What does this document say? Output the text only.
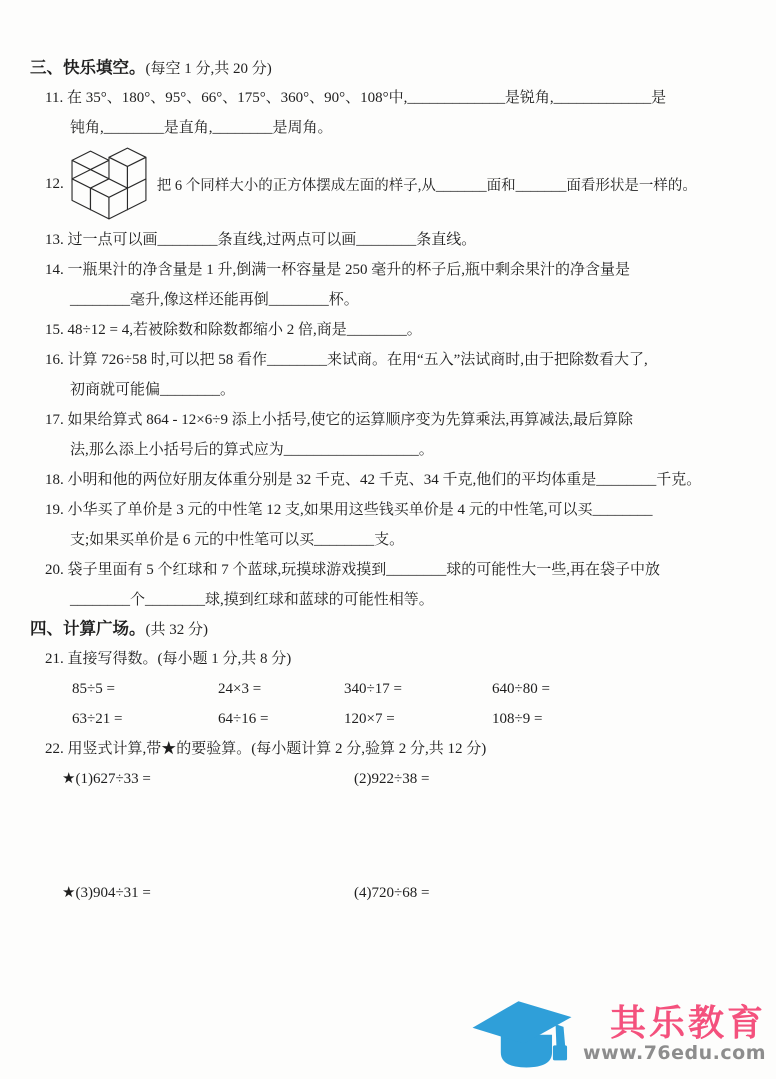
三、快乐填空。(每空 1 分,共 20 分)
11. 在 35°、180°、95°、66°、175°、360°、90°、108°中,_____________是锐角,_____________是
钝角,________是直角,________是周角。
12.	把 6 个同样大小的正方体摆成左面的样子,从_______面和_______面看形状是一样的。
13. 过一点可以画________条直线,过两点可以画________条直线。
14. 一瓶果汁的净含量是 1 升,倒满一杯容量是 250 毫升的杯子后,瓶中剩余果汁的净含量是
________毫升,像这样还能再倒________杯。
15. 48÷12 = 4,若被除数和除数都缩小 2 倍,商是________。
16. 计算 726÷58 时,可以把 58 看作________来试商。在用“五入”法试商时,由于把除数看大了,
初商就可能偏________。
17. 如果给算式 864 - 12×6÷9 添上小括号,使它的运算顺序变为先算乘法,再算减法,最后算除
法,那么添上小括号后的算式应为__________________。
18. 小明和他的两位好朋友体重分别是 32 千克、42 千克、34 千克,他们的平均体重是________千克。
19. 小华买了单价是 3 元的中性笔 12 支,如果用这些钱买单价是 4 元的中性笔,可以买________
支;如果买单价是 6 元的中性笔可以买________支。
20. 袋子里面有 5 个红球和 7 个蓝球,玩摸球游戏摸到________球的可能性大一些,再在袋子中放
________个________球,摸到红球和蓝球的可能性相等。
四、计算广场。(共 32 分)
21. 直接写得数。(每小题 1 分,共 8 分)
85÷5 =	24×3 =	340÷17 =	640÷80 =
63÷21 =	64÷16 =	120×7 =	108÷9 =
22. 用竖式计算,带★的要验算。(每小题计算 2 分,验算 2 分,共 12 分)
★(1)627÷33 =	(2)922÷38 =
★(3)904÷31 =	(4)720÷68 =
其乐教育
www.76edu.com
